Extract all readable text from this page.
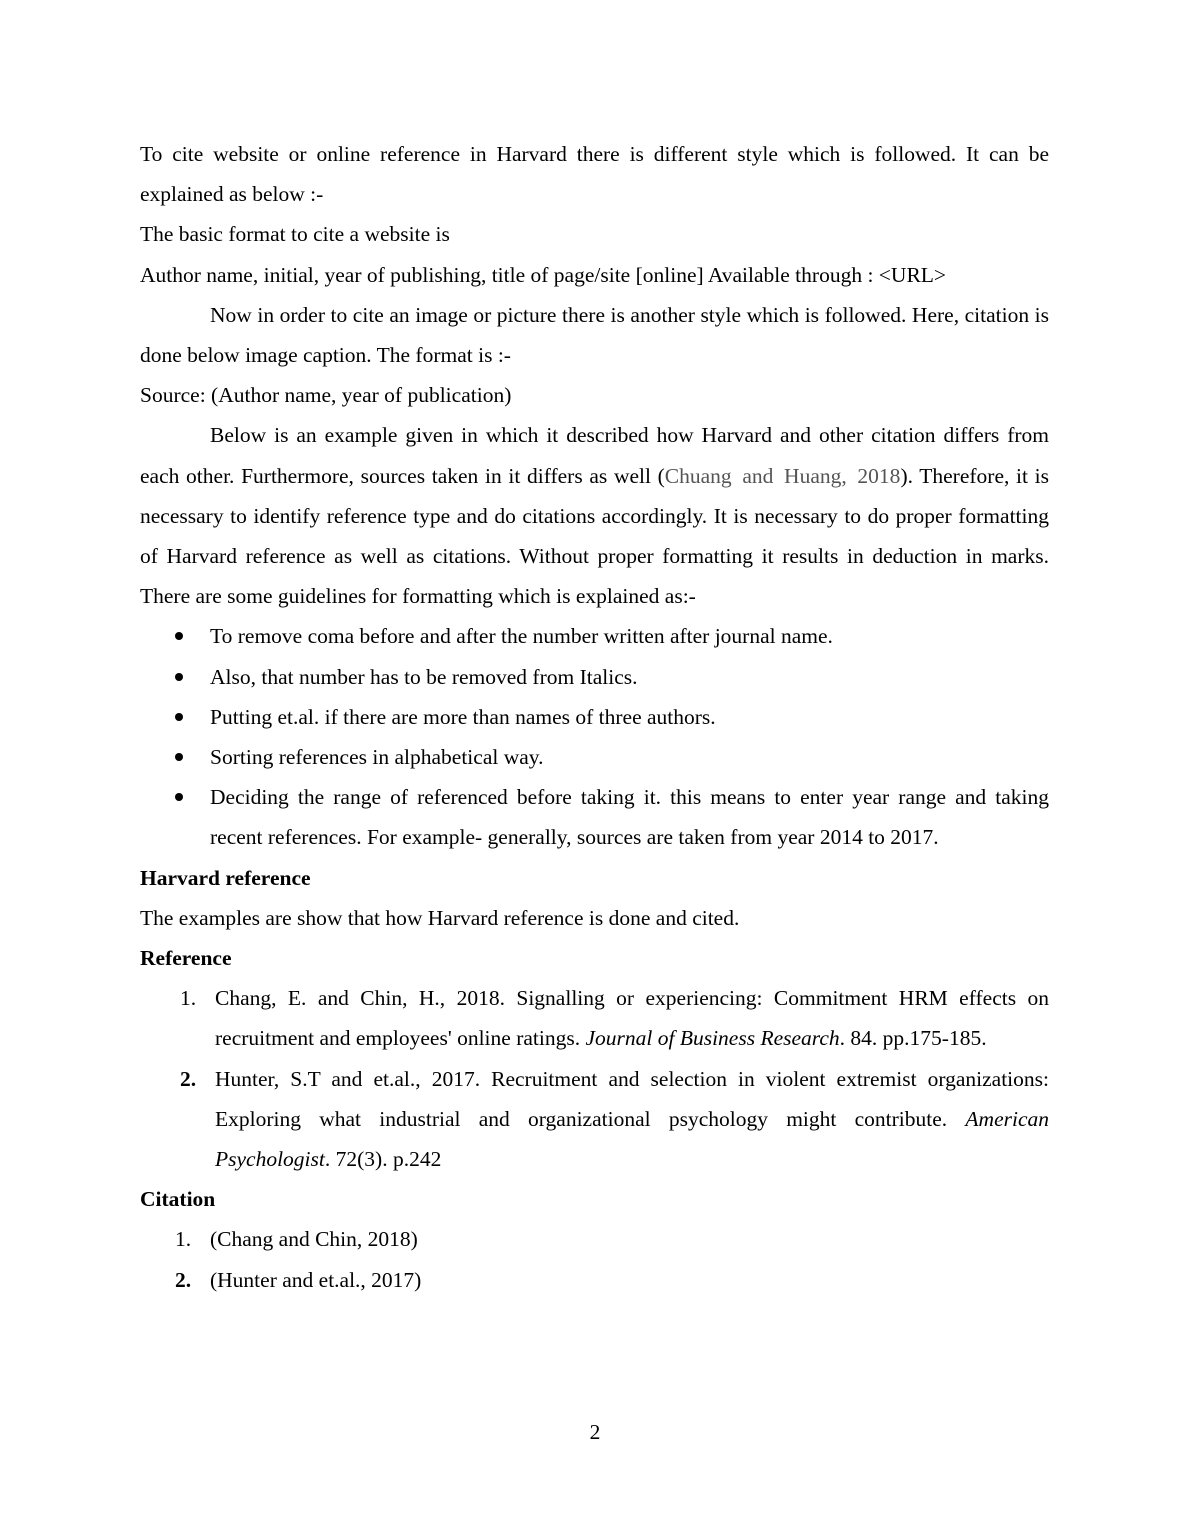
To cite website or online reference in Harvard there is different style which is followed. It can be explained as below :-

The basic format to cite a website is

Author name, initial, year of publishing, title of page/site [online] Available through : <URL>

Now in order to cite an image or picture there is another style which is followed. Here, citation is done below image caption. The format is :-

Source: (Author name, year of publication)

Below is an example given in which it described how Harvard and other citation differs from each other. Furthermore, sources taken in it differs as well (Chuang and Huang, 2018). Therefore, it is necessary to identify reference type and do citations accordingly. It is necessary to do proper formatting of Harvard reference as well as citations. Without proper formatting it results in deduction in marks. There are some guidelines for formatting which is explained as:-

To remove coma before and after the number written after journal name.
Also, that number has to be removed from Italics.
Putting et.al. if there are more than names of three authors.
Sorting references in alphabetical way.
Deciding the range of referenced before taking it. this means to enter year range and taking recent references. For example- generally, sources are taken from year 2014 to 2017.
Harvard reference

The examples are show that how Harvard reference is done and cited.

Reference
1. Chang, E. and Chin, H., 2018. Signalling or experiencing: Commitment HRM effects on recruitment and employees' online ratings. Journal of Business Research. 84. pp.175-185.
2. Hunter, S.T and et.al., 2017. Recruitment and selection in violent extremist organizations: Exploring what industrial and organizational psychology might contribute. American Psychologist. 72(3). p.242
Citation
1. (Chang and Chin, 2018)
2. (Hunter and et.al., 2017)
2
